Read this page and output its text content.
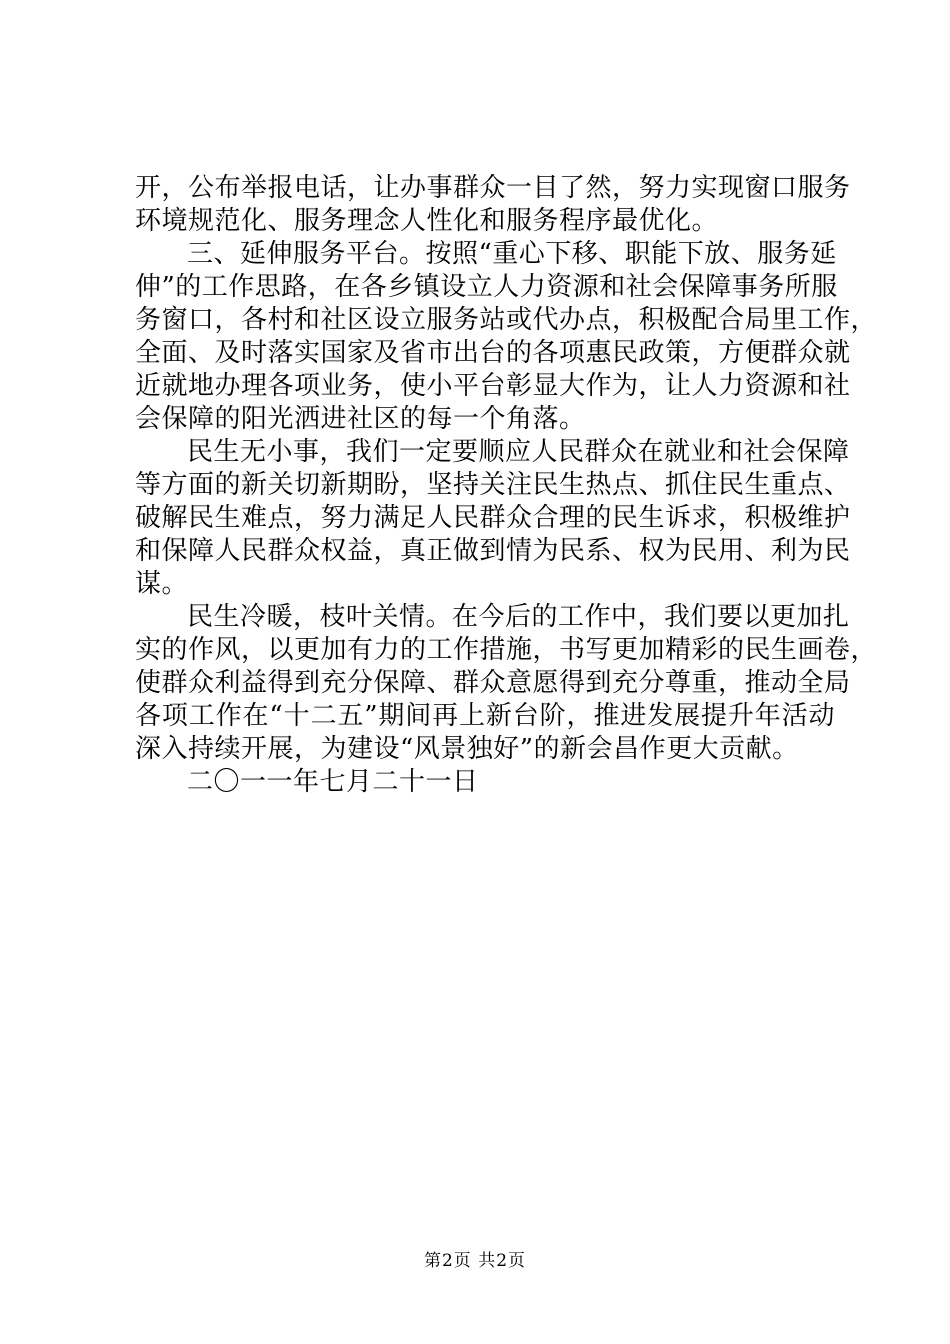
开，公布举报电话，让办事群众一目了然，努力实现窗口服务
环境规范化、服务理念人性化和服务程序最优化。
三、延伸服务平台。按照“重心下移、职能下放、服务延
伸”的工作思路，在各乡镇设立人力资源和社会保障事务所服
务窗口，各村和社区设立服务站或代办点，积极配合局里工作，
全面、及时落实国家及省市出台的各项惠民政策，方便群众就
近就地办理各项业务，使小平台彰显大作为，让人力资源和社
会保障的阳光洒进社区的每一个角落。
民生无小事，我们一定要顺应人民群众在就业和社会保障
等方面的新关切新期盼，坚持关注民生热点、抓住民生重点、
破解民生难点，努力满足人民群众合理的民生诉求，积极维护
和保障人民群众权益，真正做到情为民系、权为民用、利为民
谋。
民生冷暖，枝叶关情。在今后的工作中，我们要以更加扎
实的作风，以更加有力的工作措施，书写更加精彩的民生画卷，
使群众利益得到充分保障、群众意愿得到充分尊重，推动全局
各项工作在“十二五”期间再上新台阶，推进发展提升年活动
深入持续开展，为建设“风景独好”的新会昌作更大贡献。
二〇一一年七月二十一日
第2页 共2页
